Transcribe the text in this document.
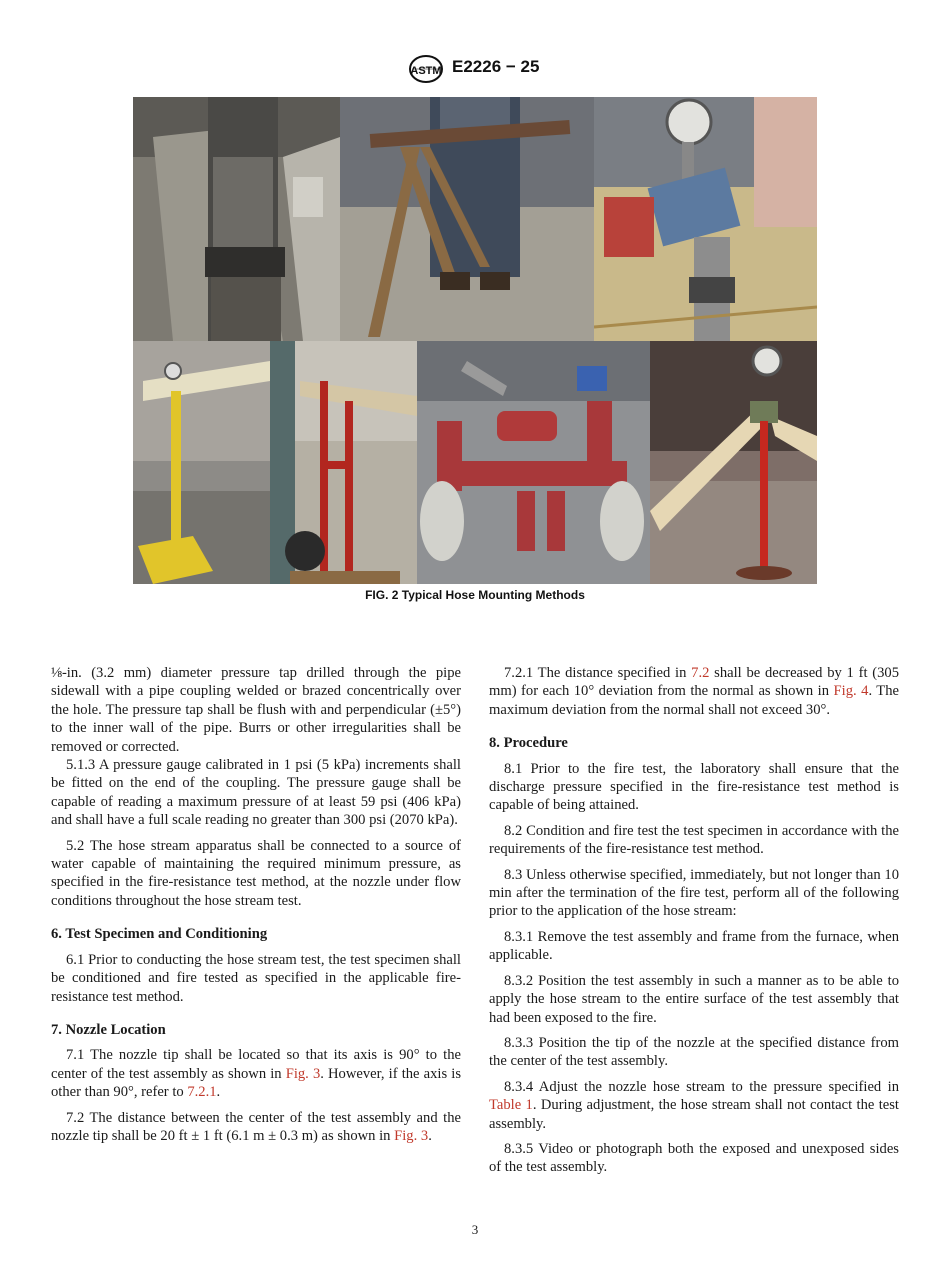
ASTM E2226 − 25
FIG. 2 Typical Hose Mounting Methods

⅛-in. (3.2 mm) diameter pressure tap drilled through the pipe sidewall with a pipe coupling welded or brazed concentrically over the hole. The pressure tap shall be flush with and perpendicular (±5°) to the inner wall of the pipe. Burrs or other irregularities shall be removed or corrected.

5.1.3 A pressure gauge calibrated in 1 psi (5 kPa) increments shall be fitted on the end of the coupling. The pressure gauge shall be capable of reading a maximum pressure of at least 59 psi (406 kPa) and shall have a full scale reading no greater than 300 psi (2070 kPa).

5.2 The hose stream apparatus shall be connected to a source of water capable of maintaining the required minimum pressure, as specified in the fire-resistance test method, at the nozzle under flow conditions throughout the hose stream test.

6. Test Specimen and Conditioning

6.1 Prior to conducting the hose stream test, the test specimen shall be conditioned and fire tested as specified in the applicable fire-resistance test method.

7. Nozzle Location

7.1 The nozzle tip shall be located so that its axis is 90° to the center of the test assembly as shown in Fig. 3. However, if the axis is other than 90°, refer to 7.2.1.

7.2 The distance between the center of the test assembly and the nozzle tip shall be 20 ft ± 1 ft (6.1 m ± 0.3 m) as shown in Fig. 3.

7.2.1 The distance specified in 7.2 shall be decreased by 1 ft (305 mm) for each 10° deviation from the normal as shown in Fig. 4. The maximum deviation from the normal shall not exceed 30°.

8. Procedure

8.1 Prior to the fire test, the laboratory shall ensure that the discharge pressure specified in the fire-resistance test method is capable of being attained.

8.2 Condition and fire test the test specimen in accordance with the requirements of the fire-resistance test method.

8.3 Unless otherwise specified, immediately, but not longer than 10 min after the termination of the fire test, perform all of the following prior to the application of the hose stream:

8.3.1 Remove the test assembly and frame from the furnace, when applicable.

8.3.2 Position the test assembly in such a manner as to be able to apply the hose stream to the entire surface of the test assembly that had been exposed to the fire.

8.3.3 Position the tip of the nozzle at the specified distance from the center of the test assembly.

8.3.4 Adjust the nozzle hose stream to the pressure specified in Table 1. During adjustment, the hose stream shall not contact the test assembly.

8.3.5 Video or photograph both the exposed and unexposed sides of the test assembly.

3
